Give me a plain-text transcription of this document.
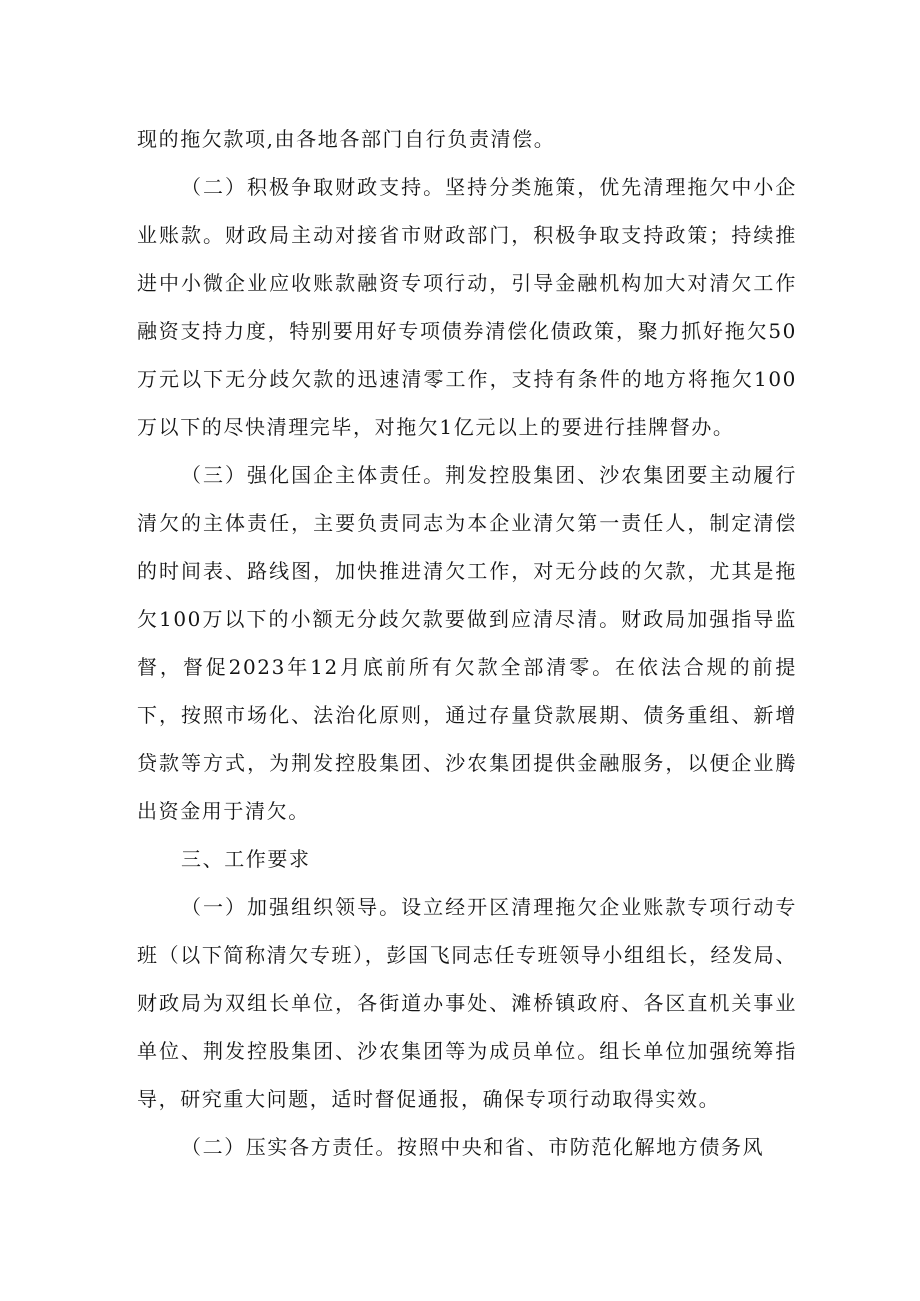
现的拖欠款项,由各地各部门自行负责清偿。

（二）积极争取财政支持。坚持分类施策，优先清理拖欠中小企业账款。财政局主动对接省市财政部门，积极争取支持政策；持续推进中小微企业应收账款融资专项行动，引导金融机构加大对清欠工作融资支持力度，特别要用好专项债券清偿化债政策，聚力抓好拖欠50万元以下无分歧欠款的迅速清零工作，支持有条件的地方将拖欠100万以下的尽快清理完毕，对拖欠1亿元以上的要进行挂牌督办。

（三）强化国企主体责任。荆发控股集团、沙农集团要主动履行清欠的主体责任，主要负责同志为本企业清欠第一责任人，制定清偿的时间表、路线图，加快推进清欠工作，对无分歧的欠款，尤其是拖欠100万以下的小额无分歧欠款要做到应清尽清。财政局加强指导监督，督促2023年12月底前所有欠款全部清零。在依法合规的前提下，按照市场化、法治化原则，通过存量贷款展期、债务重组、新增贷款等方式，为荆发控股集团、沙农集团提供金融服务，以便企业腾出资金用于清欠。

三、工作要求

（一）加强组织领导。设立经开区清理拖欠企业账款专项行动专班（以下简称清欠专班），彭国飞同志任专班领导小组组长，经发局、财政局为双组长单位，各街道办事处、滩桥镇政府、各区直机关事业单位、荆发控股集团、沙农集团等为成员单位。组长单位加强统筹指导，研究重大问题，适时督促通报，确保专项行动取得实效。

（二）压实各方责任。按照中央和省、市防范化解地方债务风
